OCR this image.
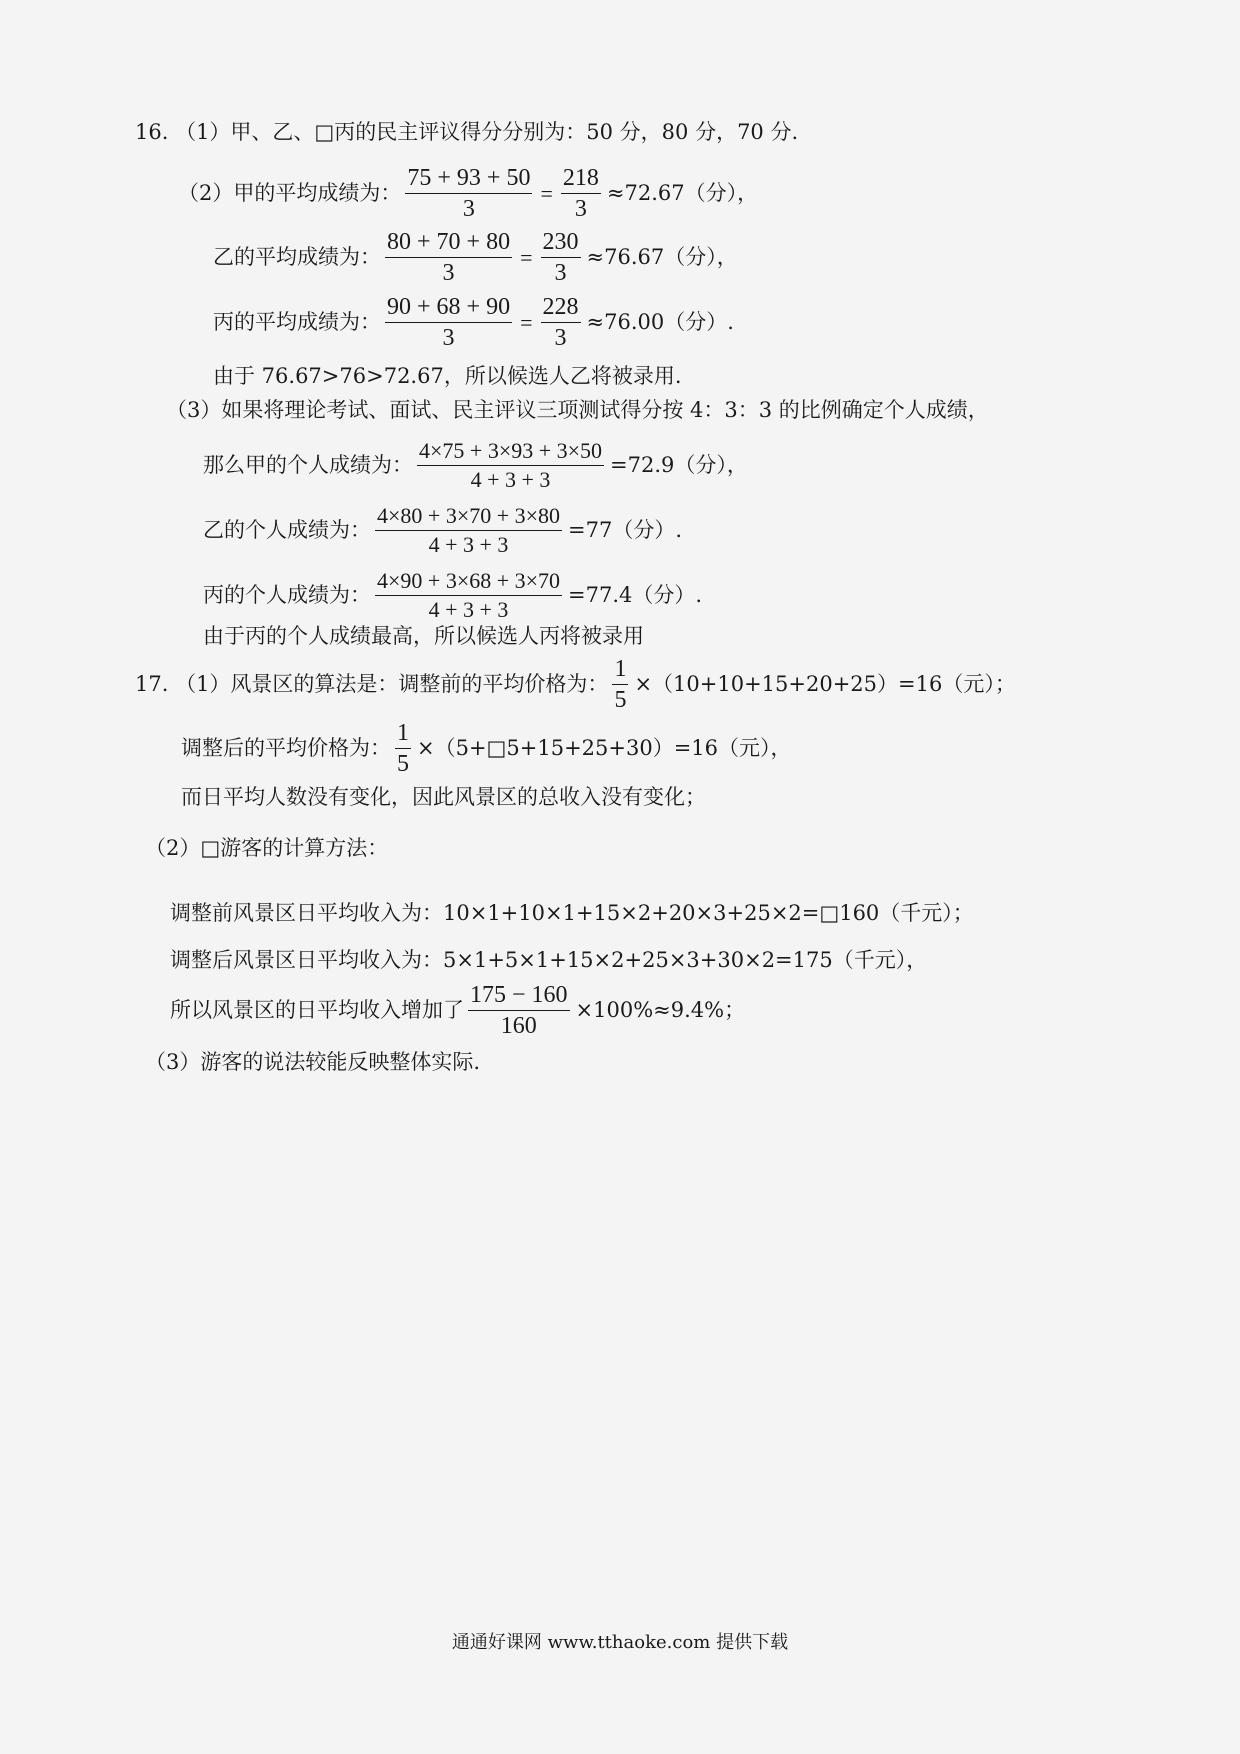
16. （1）甲、乙、□丙的民主评议得分分别为：50 分，80 分，70 分.
（2）甲的平均成绩为： $\frac{75 + 93 + 50}{3} = \frac{218}{3} \approx 72.67$（分），
乙的平均成绩为： $\frac{80 + 70 + 80}{3} = \frac{230}{3} \approx 76.67$（分），
丙的平均成绩为： $\frac{90 + 68 + 90}{3} = \frac{228}{3} \approx 76.00$（分）.
由于 76.67>76>72.67，所以候选人乙将被录用.
（3）如果将理论考试、面试、民主评议三项测试得分按 4：3：3 的比例确定个人成绩，
那么甲的个人成绩为： $\frac{4\times 75 + 3\times 93 + 3\times 50}{4 + 3 + 3} =72.9$（分），
乙的个人成绩为： $\frac{4\times 80 + 3\times 70 + 3\times 80}{4 + 3 + 3} =77$（分）.
丙的个人成绩为： $\frac{4\times 90 + 3\times 68 + 3\times 70}{4 + 3 + 3} =77.4$（分）.
由于丙的个人成绩最高，所以候选人丙将被录用
17. （1）风景区的算法是：调整前的平均价格为： $\frac{1}{5} \times(10+10+15+20+25)=16$（元）；
调整后的平均价格为： $\frac{1}{5}$ ×（5+□5+15+25+30）=16（元），
而日平均人数没有变化，因此风景区的总收入没有变化；
（2）□游客的计算方法：
调整前风景区日平均收入为：10×1+10×1+15×2+20×3+25×2=□160（千元）；
调整后风景区日平均收入为：5×1+5×1+15×2+25×3+30×2=175（千元），
所以风景区的日平均收入增加了 $\frac{175 - 160}{160} \times 100\%\approx 9.4\%$；
（3）游客的说法较能反映整体实际.
通通好课网 www.tthaoke.com 提供下载
